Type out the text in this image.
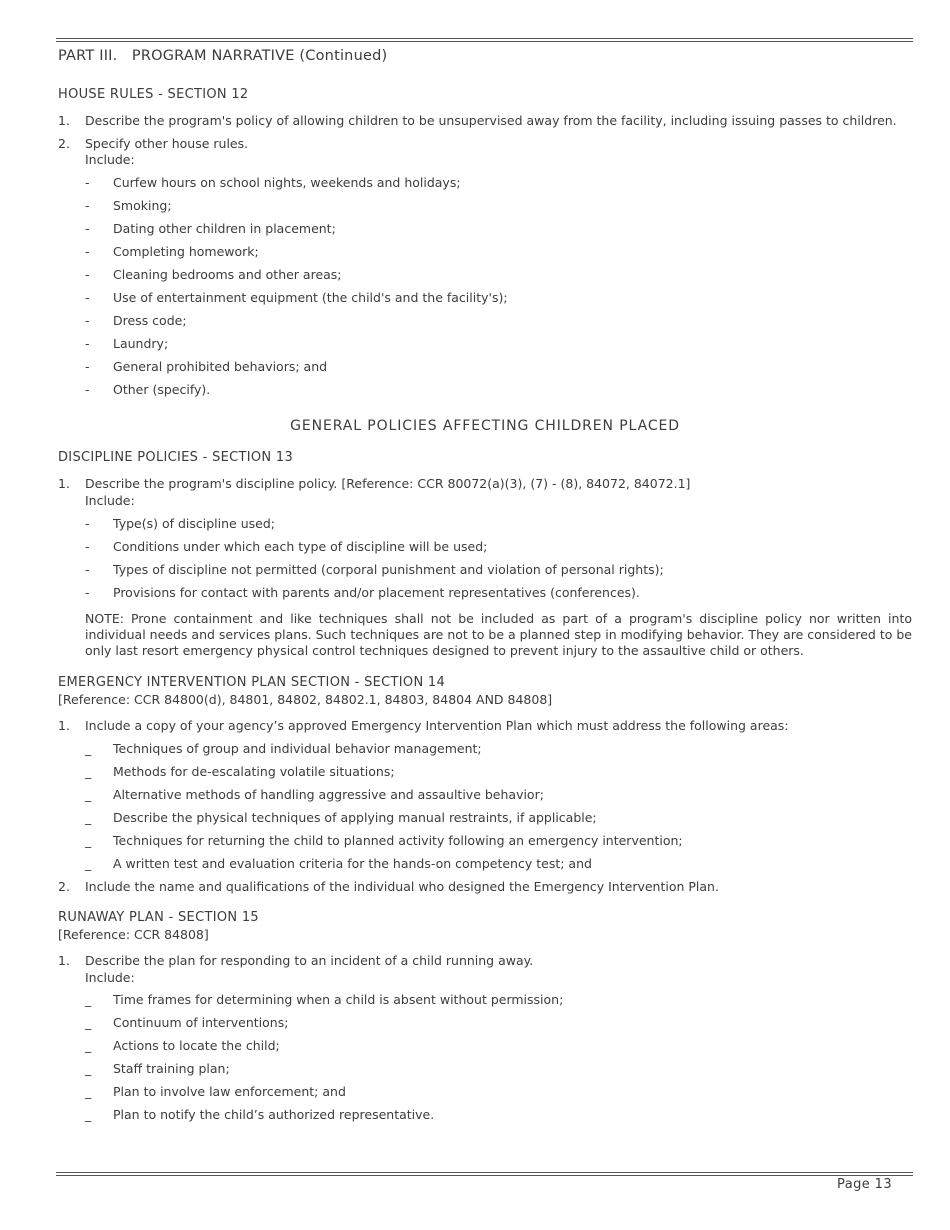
PART III.   PROGRAM NARRATIVE (Continued)
HOUSE RULES - SECTION 12
1. Describe the program's policy of allowing children to be unsupervised away from the facility, including issuing passes to children.
2. Specify other house rules.
Include:
- Curfew hours on school nights, weekends and holidays;
- Smoking;
- Dating other children in placement;
- Completing homework;
- Cleaning bedrooms and other areas;
- Use of entertainment equipment (the child's and the facility's);
- Dress code;
- Laundry;
- General prohibited behaviors; and
- Other (specify).
GENERAL POLICIES AFFECTING CHILDREN PLACED
DISCIPLINE POLICIES - SECTION 13
1. Describe the program's discipline policy. [Reference: CCR 80072(a)(3), (7) - (8), 84072, 84072.1]
Include:
- Type(s) of discipline used;
- Conditions under which each type of discipline will be used;
- Types of discipline not permitted (corporal punishment and violation of personal rights);
- Provisions for contact with parents and/or placement representatives (conferences).
NOTE: Prone containment and like techniques shall not be included as part of a program's discipline policy nor written into individual needs and services plans. Such techniques are not to be a planned step in modifying behavior. They are considered to be only last resort emergency physical control techniques designed to prevent injury to the assaultive child or others.
EMERGENCY INTERVENTION PLAN SECTION - SECTION 14
[Reference: CCR 84800(d), 84801, 84802, 84802.1, 84803, 84804 AND 84808]
1. Include a copy of your agency’s approved Emergency Intervention Plan which must address the following areas:
_ Techniques of group and individual behavior management;
_ Methods for de-escalating volatile situations;
_ Alternative methods of handling aggressive and assaultive behavior;
_ Describe the physical techniques of applying manual restraints, if applicable;
_ Techniques for returning the child to planned activity following an emergency intervention;
_ A written test and evaluation criteria for the hands-on competency test; and
2. Include the name and qualifications of the individual who designed the Emergency Intervention Plan.
RUNAWAY PLAN - SECTION 15
[Reference: CCR 84808]
1. Describe the plan for responding to an incident of a child running away.
Include:
_ Time frames for determining when a child is absent without permission;
_ Continuum of interventions;
_ Actions to locate the child;
_ Staff training plan;
_ Plan to involve law enforcement; and
_ Plan to notify the child’s authorized representative.
Page 13
